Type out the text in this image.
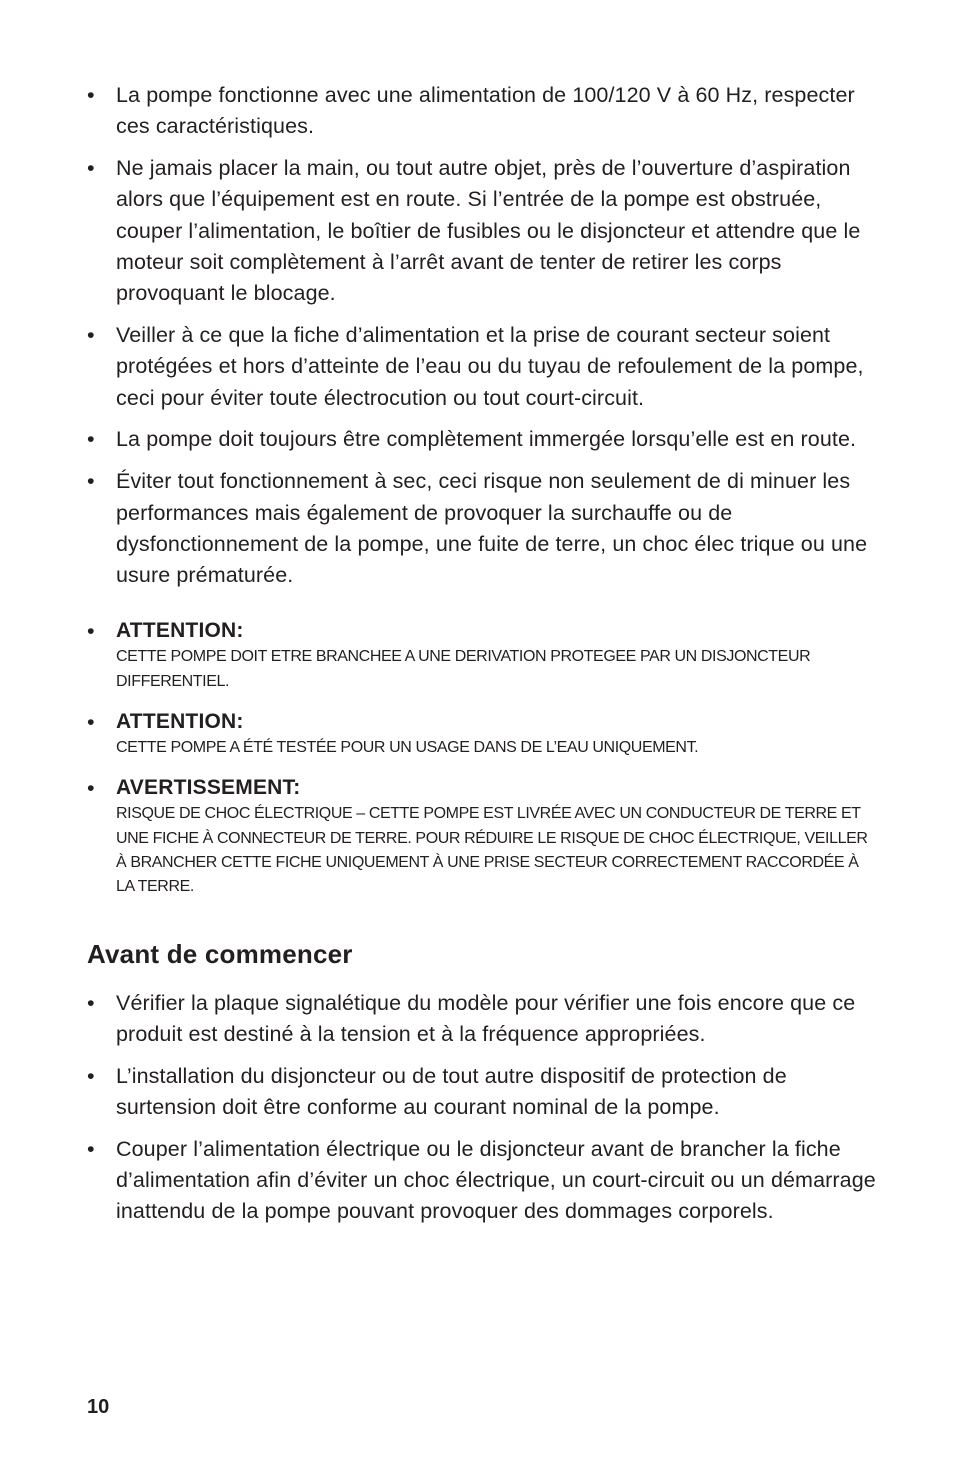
• La pompe fonctionne avec une alimentation de 100/120 V à 60 Hz, respecter ces caractéristiques.
• Ne jamais placer la main, ou tout autre objet, près de l’ouverture d’aspiration alors que l’équipement est en route. Si l’entrée de la pompe est obstruée, couper l’alimentation, le boîtier de fusibles ou le disjoncteur et attendre que le moteur soit complètement à l’arrêt avant de tenter de retirer les corps provoquant le blocage.
• Veiller à ce que la fiche d’alimentation et la prise de courant secteur soient protégées et hors d’atteinte de l’eau ou du tuyau de refoulement de la pompe, ceci pour éviter toute électrocution ou tout court-circuit.
• La pompe doit toujours être complètement immergée lorsqu’elle est en route.
• Éviter tout fonctionnement à sec, ceci risque non seulement de di minuer les performances mais également de provoquer la surchauffe ou de dysfonctionnement de la pompe, une fuite de terre, un choc élec trique ou une usure prématurée.
• ATTENTION:
CETTE POMPE DOIT ETRE BRANCHEE A UNE DERIVATION PROTEGEE PAR UN DISJONCTEUR DIFFERENTIEL.
• ATTENTION:
CETTE POMPE A ÉTÉ TESTÉE POUR UN USAGE DANS DE L’EAU UNIQUEMENT.
• AVERTISSEMENT:
RISQUE DE CHOC ÉLECTRIQUE – CETTE POMPE EST LIVRÉE AVEC UN CONDUCTEUR DE TERRE ET UNE FICHE À CONNECTEUR DE TERRE. POUR RÉDUIRE LE RISQUE DE CHOC ÉLECTRIQUE, VEILLER À BRANCHER CETTE FICHE UNIQUEMENT À UNE PRISE SECTEUR CORRECTEMENT RACCORDÉE À LA TERRE.
Avant de commencer
• Vérifier la plaque signalétique du modèle pour vérifier une fois encore que ce produit est destiné à la tension et à la fréquence appropriées.
• L’installation du disjoncteur ou de tout autre dispositif de protection de surtension doit être conforme au courant nominal de la pompe.
• Couper l’alimentation électrique ou le disjoncteur avant de brancher la fiche d’alimentation afin d’éviter un choc électrique, un court-circuit ou un démarrage inattendu de la pompe pouvant provoquer des dommages corporels.
10
